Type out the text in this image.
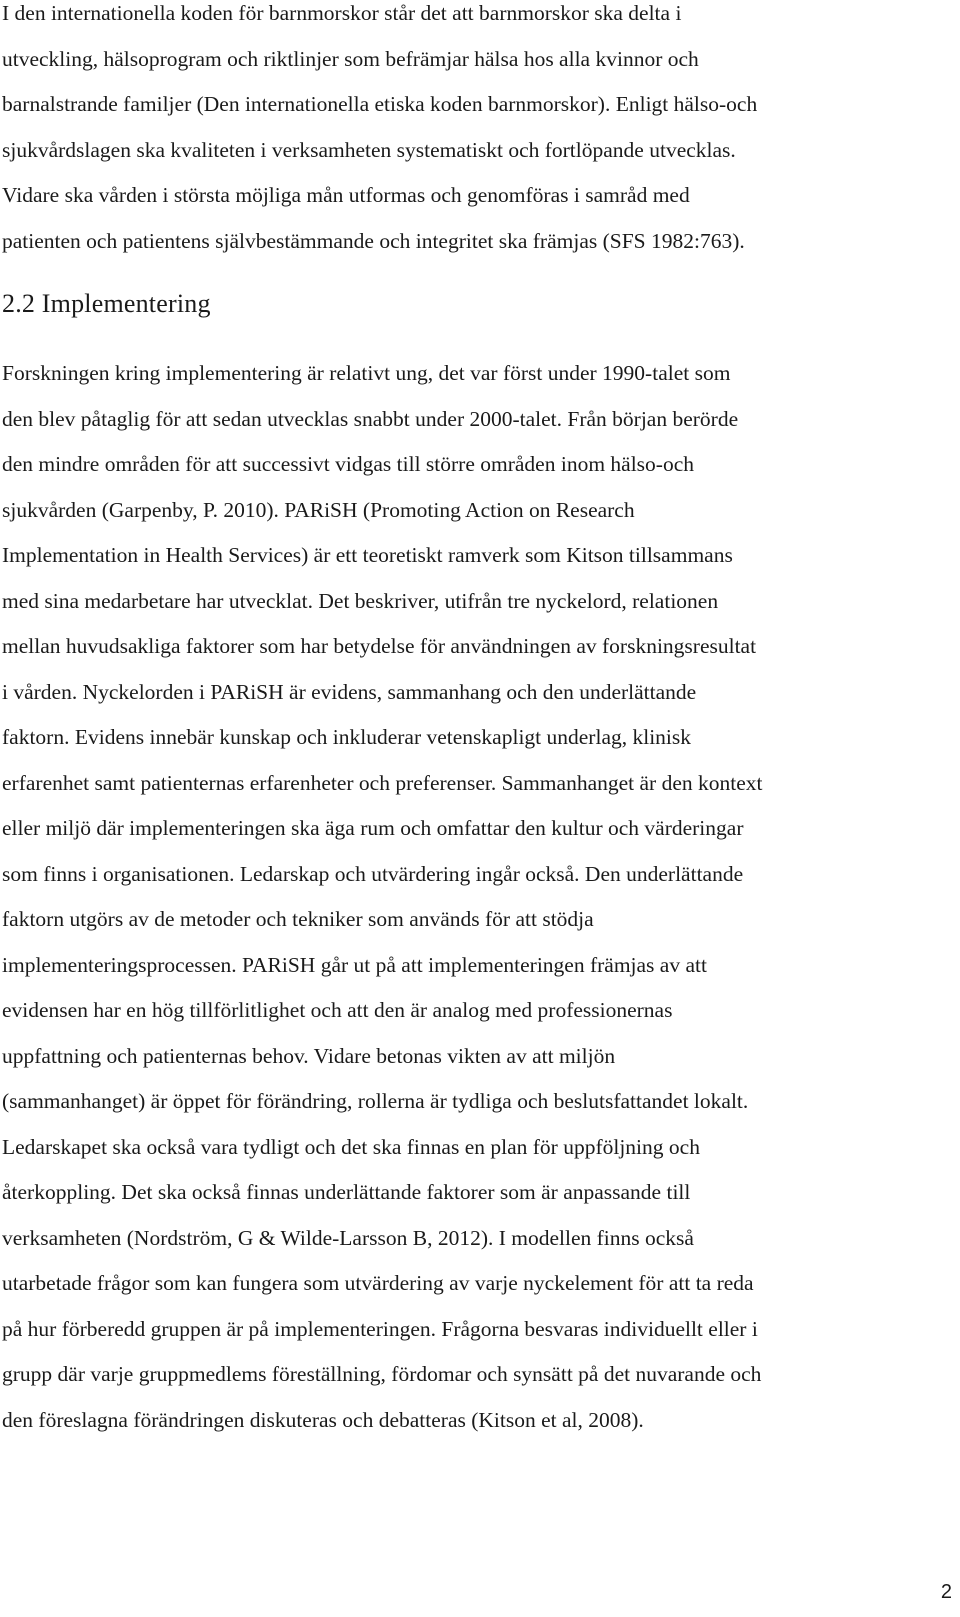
I den internationella koden för barnmorskor står det att barnmorskor ska delta i
utveckling, hälsoprogram och riktlinjer som befrämjar hälsa hos alla kvinnor och
barnalstrande familjer (Den internationella etiska koden barnmorskor). Enligt hälso-och
sjukvårdslagen ska kvaliteten i verksamheten systematiskt och fortlöpande utvecklas.
Vidare ska vården i största möjliga mån utformas och genomföras i samråd med
patienten och patientens självbestämmande och integritet ska främjas (SFS 1982:763).

2.2 Implementering

Forskningen kring implementering är relativt ung, det var först under 1990-talet som
den blev påtaglig för att sedan utvecklas snabbt under 2000-talet. Från början berörde
den mindre områden för att successivt vidgas till större områden inom hälso-och
sjukvården (Garpenby, P. 2010). PARiSH (Promoting Action on Research
Implementation in Health Services) är ett teoretiskt ramverk som Kitson tillsammans
med sina medarbetare har utvecklat. Det beskriver, utifrån tre nyckelord, relationen
mellan huvudsakliga faktorer som har betydelse för användningen av forskningsresultat
i vården. Nyckelorden i PARiSH är evidens, sammanhang och den underlättande
faktorn. Evidens innebär kunskap och inkluderar vetenskapligt underlag, klinisk
erfarenhet samt patienternas erfarenheter och preferenser. Sammanhanget är den kontext
eller miljö där implementeringen ska äga rum och omfattar den kultur och värderingar
som finns i organisationen. Ledarskap och utvärdering ingår också. Den underlättande
faktorn utgörs av de metoder och tekniker som används för att stödja
implementeringsprocessen. PARiSH går ut på att implementeringen främjas av att
evidensen har en hög tillförlitlighet och att den är analog med professionernas
uppfattning och patienternas behov. Vidare betonas vikten av att miljön
(sammanhanget) är öppet för förändring, rollerna är tydliga och beslutsfattandet lokalt.
Ledarskapet ska också vara tydligt och det ska finnas en plan för uppföljning och
återkoppling. Det ska också finnas underlättande faktorer som är anpassande till
verksamheten (Nordström, G & Wilde-Larsson B, 2012). I modellen finns också
utarbetade frågor som kan fungera som utvärdering av varje nyckelement för att ta reda
på hur förberedd gruppen är på implementeringen. Frågorna besvaras individuellt eller i
grupp där varje gruppmedlems föreställning, fördomar och synsätt på det nuvarande och
den föreslagna förändringen diskuteras och debatteras (Kitson et al, 2008).

2
